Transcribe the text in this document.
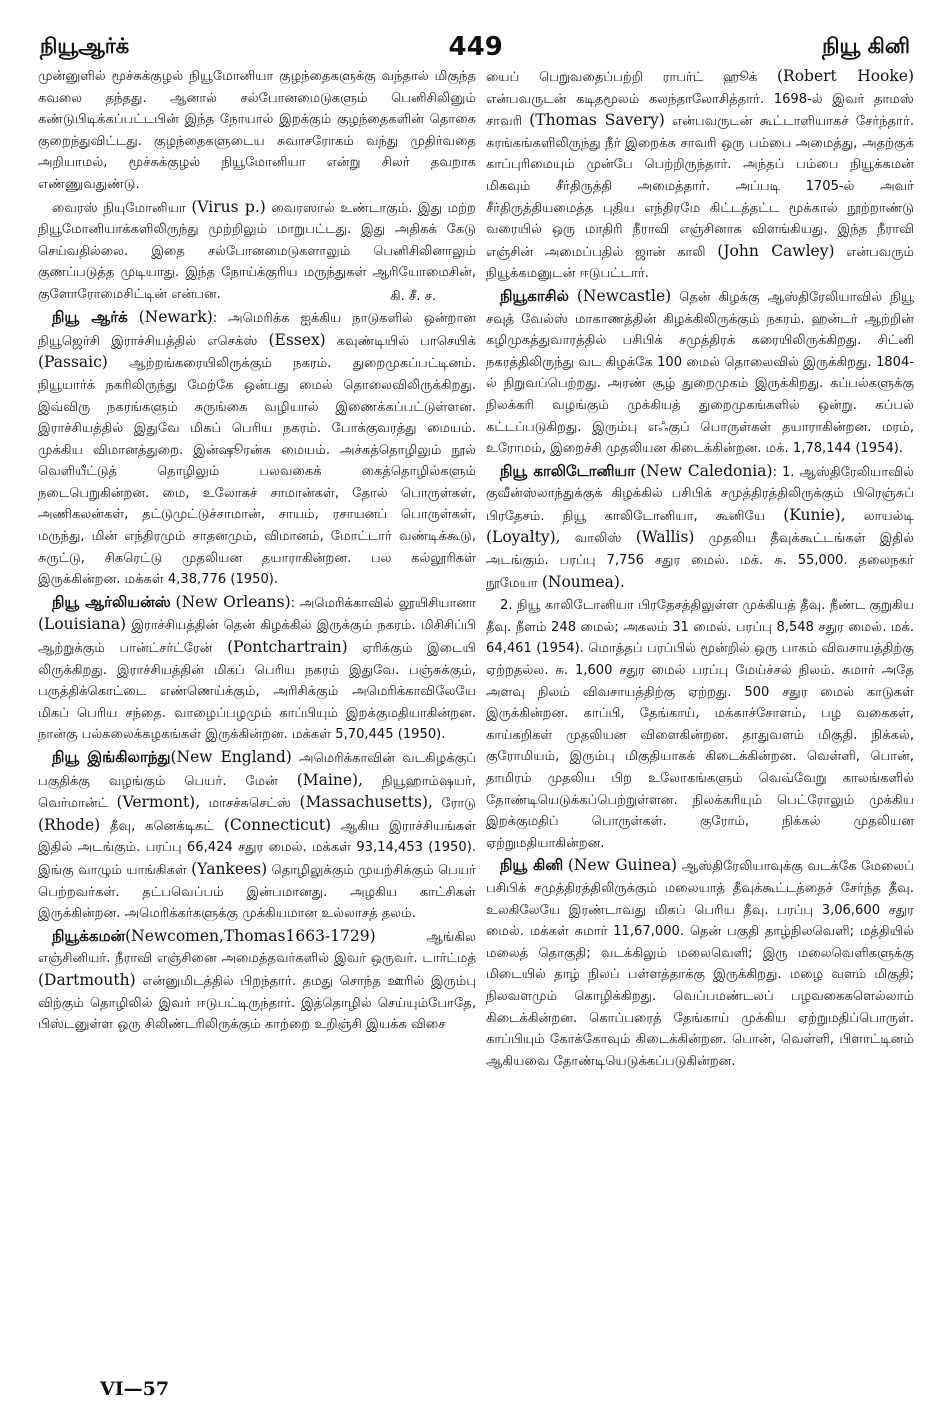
நியூஆர்க்	449	நியூ கினி

முன்னுளில் மூச்சுக்குழல் நியூமோனியா குழந்தைகளுக்கு வந்தால் மிகுந்த கவலை தந்தது. ஆனால் சல்போனமைடுகளும் பெனிசிலினும் கண்டுபிடிக்கப்பட்டபின் இந்த நோயால் இறக்கும் குழந்தைகளின் தொகை குறைந்துவிட்டது. குழந்தைகளுடைய சுவாசரோகம் வந்து முதிர்வதை அறியாமல், மூச்சுக்குழல் நியூமோனியா என்று சிலர் தவறாக எண்ணுவதுண்டு.

வைரஸ் நியுமோனியா (Virus p.) வைரஸால் உண்டாகும். இது மற்ற நியூமோனியாக்களிலிருந்து முற்றிலும் மாறுபட்டது. இது அதிகக் கேடு செய்வதில்லை. இதை சல்போனமைடுகளாலும் பெனிசிலினாலும் குணப்படுத்த முடியாது. இந்த நோய்க்குரிய மருந்துகள் ஆரியோமைசின், குளோரோமைசிட்டின் என்பன.	கி. சீ. ச.

நியூ ஆர்க் (Newark): அமெரிக்க ஐக்கிய நாடுகளில் ஒன்றான நியூஜெர்சி இராச்சியத்தில் எசெக்ஸ் (Essex) கவுண்டியில் பாசெயிக் (Passaic) ஆற்றங்கரையிலிருக்கும் நகரம். துறைமுகப்பட்டினம். நியூயார்க் நகரிலிருந்து மேற்கே ஒன்பது மைல் தொலைவிலிருக்கிறது. இவ்விரு நகரங்களும் சுருங்கை வழியால் இணைக்கப்பட்டுள்ளன. இராச்சியத்தில் இதுவே மிகப் பெரிய நகரம். போக்குவரத்து மையம். முக்கிய விமானத்துறை. இன்ஷூரன்சு மையம். அச்சுத்தொழிலும் நூல் வெளியீட்டுத் தொழிலும் பலவகைக் கைத்தொழில்களும் நடைபெறுகின்றன. மை, உலோகச் சாமான்கள், தோல் பொருள்கள், அணிகலன்கள், தட்டுமுட்டுச்சாமான், சாயம், ரசாயனப் பொருள்கள், மருந்து, மின் எந்திரமும் சாதனமும், விமானம், மோட்டார் வண்டிக்கூடு, சுருட்டு, சிகரெட்டு முதலியன தயாராகின்றன. பல கல்லூரிகள் இருக்கின்றன. மக்கள் 4,38,776 (1950).

நியூ ஆர்லியன்ஸ் (New Orleans): அமெரிக்காவில் லூயிசியானா (Louisiana) இராச்சியத்தின் தென் கிழக்கில் இருக்கும் நகரம். மிசிசிப்பி ஆற்றுக்கும் பான்ட்சர்ட்ரேன் (Pontchartrain) ஏரிக்கும் இடையி லிருக்கிறது. இராச்சியத்தின் மிகப் பெரிய நகரம் இதுவே. பஞ்சுக்கும், பருத்திக்கொட்டை எண்ணெய்க்கும், அரிசிக்கும் அமெரிக்காவிலேயே மிகப் பெரிய சந்தை. வாழைப்பழமும் காப்பியும் இறக்குமதியாகின்றன. நான்கு பல்கலைக்கழகங்கள் இருக்கின்றன. மக்கள் 5,70,445 (1950).

நியூ இங்கிலாந்து(New England) அமெரிக்காவின் வடகிழக்குப் பகுதிக்கு வழங்கும் பெயர். மேன் (Maine), நியூஹாம்ஷயர், வெர்மான்ட் (Vermont), மாசச்சுசெட்ஸ் (Massachusetts), ரோடு (Rhode) தீவு, கனெக்டிகட் (Connecticut) ஆகிய இராச்சியங்கள் இதில் அடங்கும். பரப்பு 66,424 சதுர மைல். மக்கள் 93,14,453 (1950). இங்கு வாழும் யாங்கிகள் (Yankees) தொழிலுக்கும் முயற்சிக்கும் பெயர் பெற்றவர்கள். தட்பவெப்பம் இன்பமானது. அழகிய காட்சிகள் இருக்கின்றன. அமெரிக்கர்களுக்கு முக்கியமான உல்லாசத் தலம்.

நியூக்கமன்(Newcomen,Thomas1663-1729)	ஆங்கில எஞ்சினியர். நீராவி எஞ்சினை அமைத்தவர்களில் இவர் ஒருவர். டார்ட்மத் (Dartmouth) என்னுமிடத்தில் பிறந்தார். தமது சொந்த ஊரில் இரும்பு விற்கும் தொழிலில் இவர் ஈடுபட்டிருந்தார். இத்தொழில் செய்யும்போதே, பிஸ்டனுள்ள ஒரு சிலிண்டரிலிருக்கும் காற்றை உறிஞ்சி இயக்க விசை

யைப் பெறுவதைப்பற்றி ராபர்ட் ஹூக் (Robert Hooke) என்பவருடன் கடிதமூலம் கலந்தாலோசித்தார். 1698-ல் இவர் தாமஸ் சாவரி (Thomas Savery) என்பவருடன் கூட்டாளியாகச் சேர்ந்தார். சுரங்கங்களிலிருந்து நீர் இறைக்க சாவரி ஒரு பம்பை அமைத்து, அதற்குக் காப்புரிமையும் முன்பே பெற்றிருந்தார். அந்தப் பம்பை நியூக்கமன் மிகவும் சீர்திருத்தி அமைத்தார். அப்படி 1705-ல் அவர் சீர்திருத்தியமைத்த புதிய எந்திரமே கிட்டத்தட்ட மூக்கால் நூற்றாண்டு வரையில் ஒரு மாதிரி நீராவி எஞ்சினாக விளங்கியது. இந்த நீராவி எஞ்சின் அமைப்பதில் ஜான் காலி (John Cawley) என்பவரும் நியூக்கமனுடன் ஈடுபட்டார்.

நியூகாசில் (Newcastle) தென் கிழக்கு ஆஸ்திரேலியாவில் நியூ சவுத் வேல்ஸ் மாகாணத்தின் கிழக்கிலிருக்கும் நகரம். ஹன்டர் ஆற்றின் கழிமுகத்துவாரத்தில் பசிபிக் சமுத்திரக் கரையிலிருக்கிறது. சிட்னி நகரத்திலிருந்து வட கிழக்கே 100 மைல் தொலைவில் இருக்கிறது. 1804-ல் நிறுவப்பெற்றது. அரண் சூழ் துறைமுகம் இருக்கிறது. கப்பல்களுக்கு நிலக்கரி வழங்கும் முக்கியத் துறைமுகங்களில் ஒன்று. கப்பல் கட்டப்படுகிறது. இரும்பு எஃகுப் பொருள்கள் தயாராகின்றன. மரம், உரோமம், இறைச்சி முதலியன கிடைக்கின்றன. மக். 1,78,144 (1954).

நியூ காலிடோனியா (New Caledonia): 1. ஆஸ்திரேலியாவில் குவீன்ஸ்லாந்துக்குக் கிழக்கில் பசிபிக் சமுத்திரத்திலிருக்கும் பிரெஞ்சுப் பிரதேசம். நியூ காலிடோனியா, கூனியே (Kunie), லாயல்டி (Loyalty), வாலிஸ் (Wallis) முதலிய தீவுக்கூட்டங்கள் இதில் அடங்கும். பரப்பு 7,756 சதுர மைல். மக். சு. 55,000. தலைநகர் நூமேயா (Noumea).

2. நியூ காலிடோனியா பிரதேசத்திலுள்ள முக்கியத் தீவு. நீண்ட குறுகிய தீவு. நீளம் 248 மைல்; அகலம் 31 மைல். பரப்பு 8,548 சதுர மைல். மக். 64,461 (1954). மொத்தப் பரப்பில் மூன்றில் ஒரு பாகம் விவசாயத்திற்கு ஏற்றதல்ல. சு. 1,600 சதுர மைல் பரப்பு மேய்ச்சல் நிலம். சுமார் அதே அளவு நிலம் விவசாயத்திற்கு ஏற்றது. 500 சதுர மைல் காடுகள் இருக்கின்றன. காப்பி, தேங்காய், மக்காச்சோளம், பழ வகைகள், காய்கறிகள் முதலியன விளைகின்றன. தாதுவளம் மிகுதி. நிக்கல், குரோமியம், இரும்பு மிகுதியாகக் கிடைக்கின்றன. வெள்ளி, பொன், தாமிரம் முதலிய பிற உலோகங்களும் வெவ்வேறு காலங்களில் தோண்டியெடுக்கப்பெற்றுள்ளன. நிலக்கரியும் பெட்ரோலும் முக்கிய இறக்குமதிப் பொருள்கள். குரோம், நிக்கல் முதலியன ஏற்றுமதியாகின்றன.

நியூ கினி (New Guinea) ஆஸ்திரேலியாவுக்கு வடக்கே மேலைப் பசிபிக் சமுத்திரத்திலிருக்கும் மலையாத் தீவுக்கூட்டத்தைச் சேர்ந்த தீவு. உலகிலேயே இரண்டாவது மிகப் பெரிய தீவு. பரப்பு 3,06,600 சதுர மைல். மக்கள் சுமார் 11,67,000. தென் பகுதி தாழ்நிலவெளி; மத்தியில் மலைத் தொகுதி; வடக்கிலும் மலைவெளி; இரு மலைவெளிகளுக்கு மிடையில் தாழ் நிலப் பள்ளத்தாக்கு இருக்கிறது. மழை வளம் மிகுதி; நிலவளமும் கொழிக்கிறது. வெப்பமண்டலப் பழவகைகளெல்லாம் கிடைக்கின்றன. கொப்பரைத் தேங்காய் முக்கிய ஏற்றுமதிப்பொருள். காப்பியும் கோக்கோவும் கிடைக்கின்றன. பொன், வெள்ளி, பிளாட்டினம் ஆகியவை தோண்டியெடுக்கப்படுகின்றன.

VI—57
